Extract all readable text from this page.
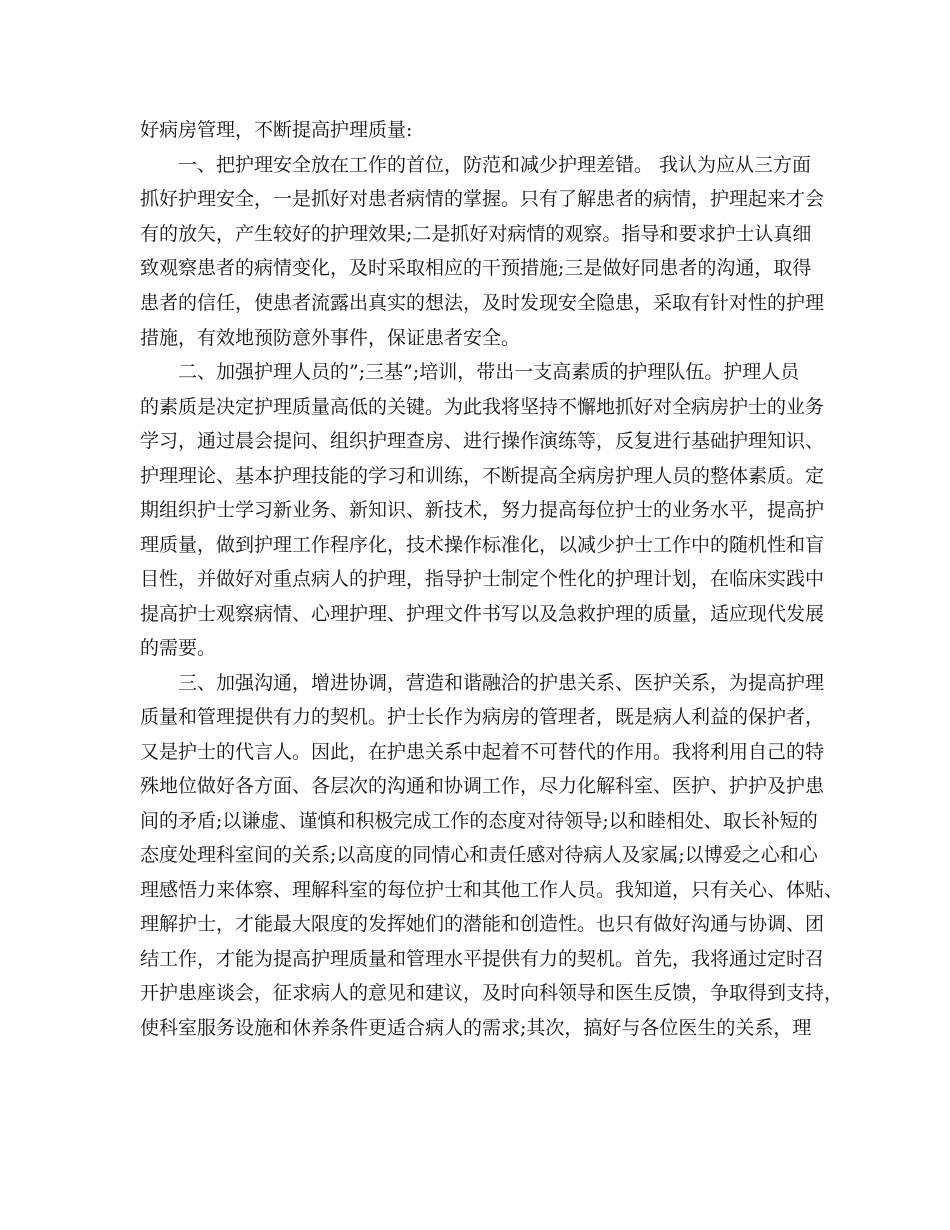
好病房管理，不断提高护理质量:
一、把护理安全放在工作的首位，防范和减少护理差错。 我认为应从三方面
抓好护理安全，一是抓好对患者病情的掌握。只有了解患者的病情，护理起来才会
有的放矢，产生较好的护理效果;二是抓好对病情的观察。指导和要求护士认真细
致观察患者的病情变化，及时采取相应的干预措施;三是做好同患者的沟通，取得
患者的信任，使患者流露出真实的想法，及时发现安全隐患，采取有针对性的护理
措施，有效地预防意外事件，保证患者安全。
二、加强护理人员的”;三基”;培训，带出一支高素质的护理队伍。护理人员
的素质是决定护理质量高低的关键。为此我将坚持不懈地抓好对全病房护士的业务
学习，通过晨会提问、组织护理查房、进行操作演练等，反复进行基础护理知识、
护理理论、基本护理技能的学习和训练，不断提高全病房护理人员的整体素质。定
期组织护士学习新业务、新知识、新技术，努力提高每位护士的业务水平，提高护
理质量，做到护理工作程序化，技术操作标准化，以减少护士工作中的随机性和盲
目性，并做好对重点病人的护理，指导护士制定个性化的护理计划，在临床实践中
提高护士观察病情、心理护理、护理文件书写以及急救护理的质量，适应现代发展
的需要。
三、加强沟通，增进协调，营造和谐融洽的护患关系、医护关系，为提高护理
质量和管理提供有力的契机。护士长作为病房的管理者，既是病人利益的保护者，
又是护士的代言人。因此，在护患关系中起着不可替代的作用。我将利用自己的特
殊地位做好各方面、各层次的沟通和协调工作，尽力化解科室、医护、护护及护患
间的矛盾;以谦虚、谨慎和积极完成工作的态度对待领导;以和睦相处、取长补短的
态度处理科室间的关系;以高度的同情心和责任感对待病人及家属;以博爱之心和心
理感悟力来体察、理解科室的每位护士和其他工作人员。我知道，只有关心、体贴、
理解护士，才能最大限度的发挥她们的潜能和创造性。也只有做好沟通与协调、团
结工作，才能为提高护理质量和管理水平提供有力的契机。首先，我将通过定时召
开护患座谈会，征求病人的意见和建议，及时向科领导和医生反馈，争取得到支持，
使科室服务设施和休养条件更适合病人的需求;其次，搞好与各位医生的关系，理
